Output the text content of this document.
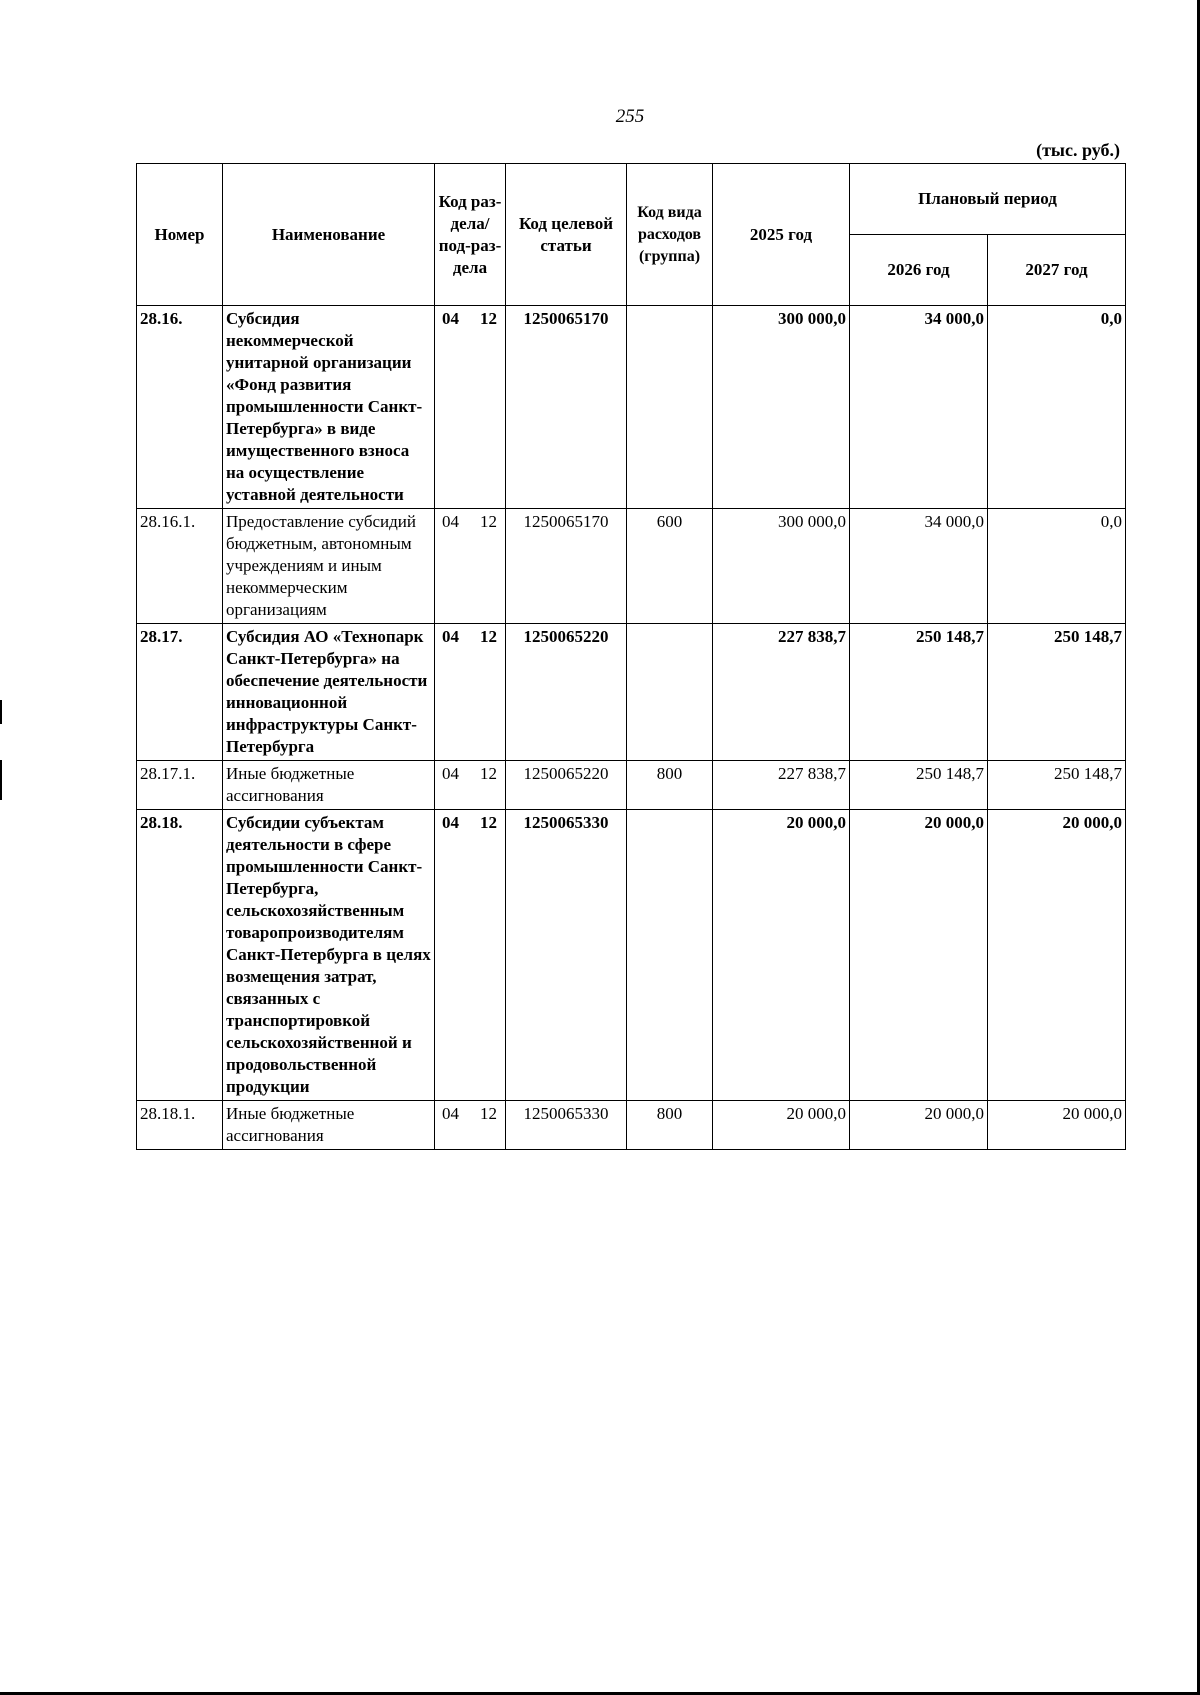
255
(тыс. руб.)
Номер	Наименование	Код раз-дела/ под-раз-дела	Код целевой статьи	Код вида расходов (группа)	2025 год	Плановый период	
						2026 год	2027 год
28.16.	Субсидия некоммерческой унитарной организации «Фонд развития промышленности Санкт-Петербурга» в виде имущественного взноса на осуществление уставной деятельности	04 12	1250065170		300 000,0	34 000,0	0,0
28.16.1.	Предоставление субсидий бюджетным, автономным учреждениям и иным некоммерческим организациям	04 12	1250065170	600	300 000,0	34 000,0	0,0
28.17.	Субсидия АО «Технопарк Санкт-Петербурга» на обеспечение деятельности инновационной инфраструктуры Санкт-Петербурга	04 12	1250065220		227 838,7	250 148,7	250 148,7
28.17.1.	Иные бюджетные ассигнования	04 12	1250065220	800	227 838,7	250 148,7	250 148,7
28.18.	Субсидии субъектам деятельности в сфере промышленности Санкт-Петербурга, сельскохозяйственным товаропроизводителям Санкт-Петербурга в целях возмещения затрат, связанных с транспортировкой сельскохозяйственной и продовольственной продукции	04 12	1250065330		20 000,0	20 000,0	20 000,0
28.18.1.	Иные бюджетные ассигнования	04 12	1250065330	800	20 000,0	20 000,0	20 000,0
